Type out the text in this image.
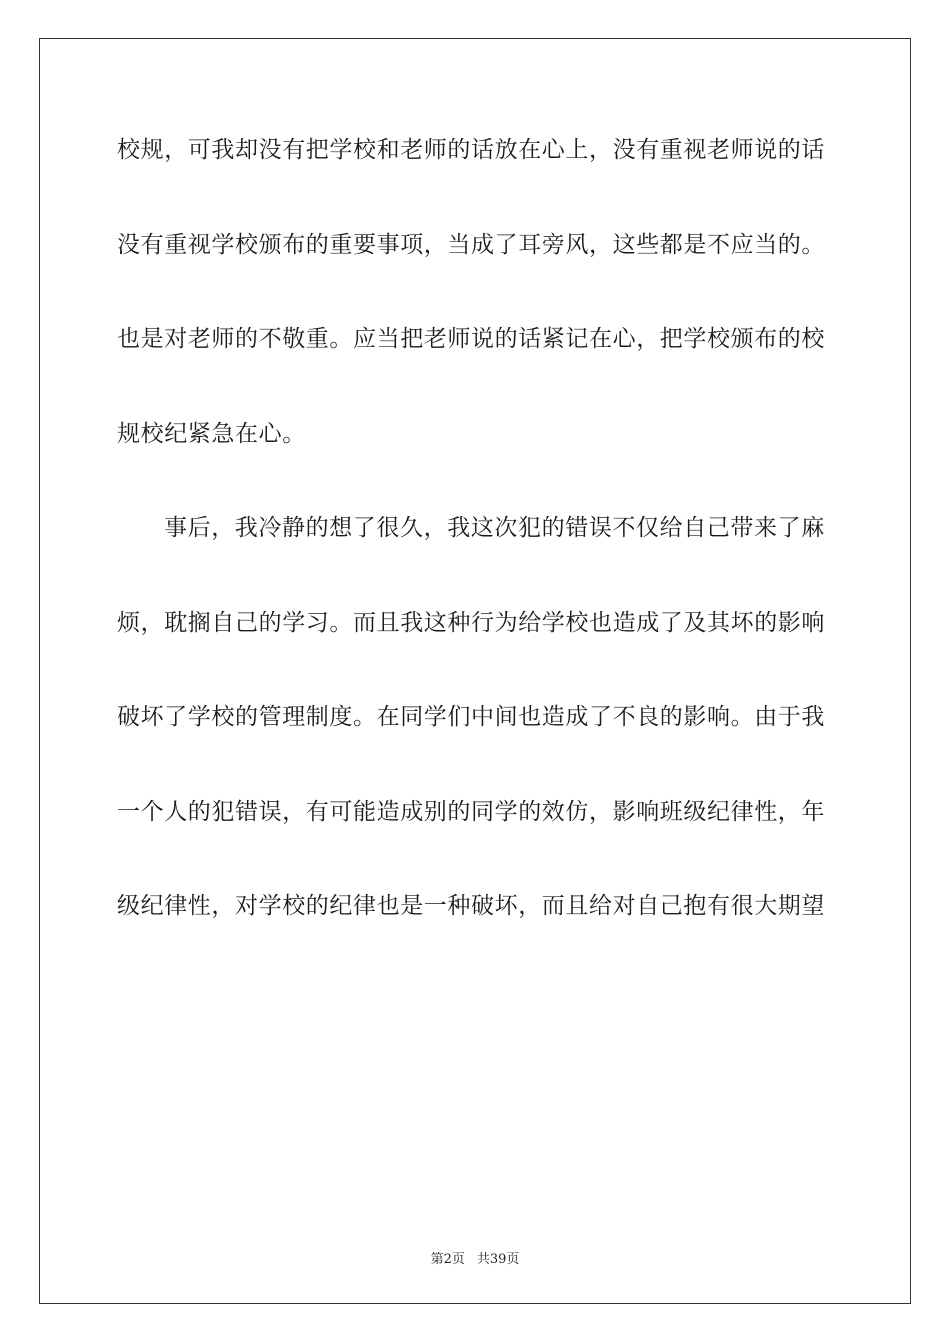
校规，可我却没有把学校和老师的话放在心上，没有重视老师说的话
没有重视学校颁布的重要事项，当成了耳旁风，这些都是不应当的。
也是对老师的不敬重。应当把老师说的话紧记在心，把学校颁布的校
规校纪紧急在心。
事后，我冷静的想了很久，我这次犯的错误不仅给自己带来了麻
烦，耽搁自己的学习。而且我这种行为给学校也造成了及其坏的影响
破坏了学校的管理制度。在同学们中间也造成了不良的影响。由于我
一个人的犯错误，有可能造成别的同学的效仿，影响班级纪律性，年
级纪律性，对学校的纪律也是一种破坏，而且给对自己抱有很大期望
第2页 共39页
